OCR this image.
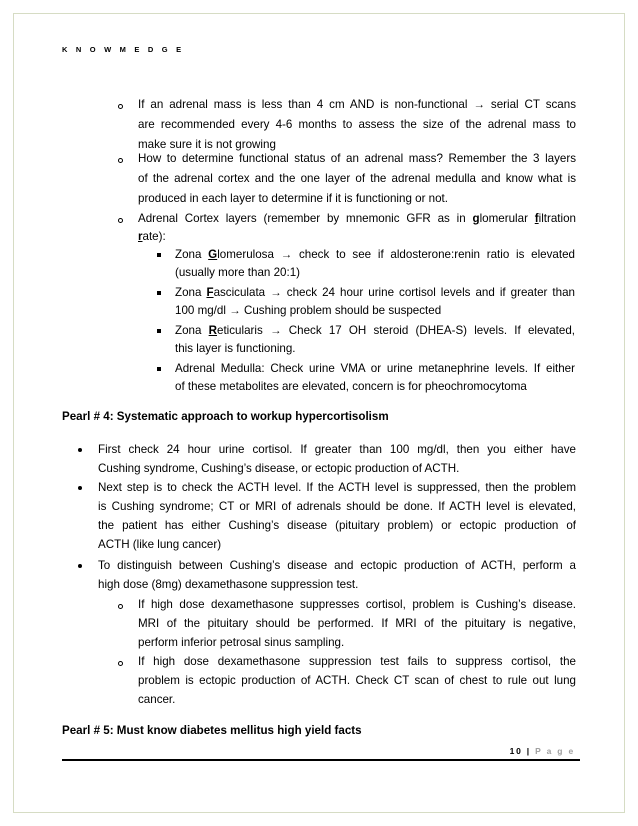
K N O W M E D G E
If an adrenal mass is less than 4 cm AND is non-functional → serial CT scans
are recommended every 4-6 months to assess the size of the adrenal mass to
make sure it is not growing
How to determine functional status of an adrenal mass? Remember the 3 layers
of the adrenal cortex and the one layer of the adrenal medulla and know what is
produced in each layer to determine if it is functioning or not.
Adrenal Cortex layers (remember by mnemonic GFR as in glomerular filtration
rate):
Zona Glomerulosa → check to see if aldosterone:renin ratio is elevated
(usually more than 20:1)
Zona Fasciculata → check 24 hour urine cortisol levels and if greater than
100 mg/dl → Cushing problem should be suspected
Zona Reticularis → Check 17 OH steroid (DHEA-S) levels. If elevated,
this layer is functioning.
Adrenal Medulla: Check urine VMA or urine metanephrine levels. If either
of these metabolites are elevated, concern is for pheochromocytoma
Pearl # 4: Systematic approach to workup hypercortisolism
First check 24 hour urine cortisol. If greater than 100 mg/dl, then you either have
Cushing syndrome, Cushing’s disease, or ectopic production of ACTH.
Next step is to check the ACTH level. If the ACTH level is suppressed, then the problem
is Cushing syndrome; CT or MRI of adrenals should be done. If ACTH level is elevated,
the patient has either Cushing’s disease (pituitary problem) or ectopic production of
ACTH (like lung cancer)
To distinguish between Cushing’s disease and ectopic production of ACTH, perform a
high dose (8mg) dexamethasone suppression test.
If high dose dexamethasone suppresses cortisol, problem is Cushing’s disease.
MRI of the pituitary should be performed. If MRI of the pituitary is negative,
perform inferior petrosal sinus sampling.
If high dose dexamethasone suppression test fails to suppress cortisol, the
problem is ectopic production of ACTH. Check CT scan of chest to rule out lung
cancer.
Pearl # 5: Must know diabetes mellitus high yield facts
10 | P a g e
